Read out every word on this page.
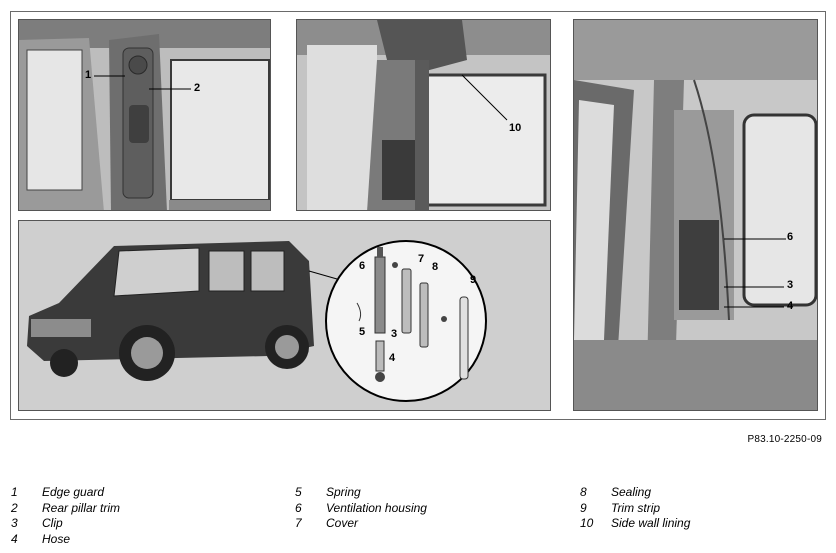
1
2
10
6
7
8
9
5 3
4
6
3
4
P83.10-2250-09
1 Edge guard
2 Rear pillar trim
3 Clip
4 Hose
5 Spring
6 Ventilation housing
7 Cover
8 Sealing
9 Trim strip
10 Side wall lining
